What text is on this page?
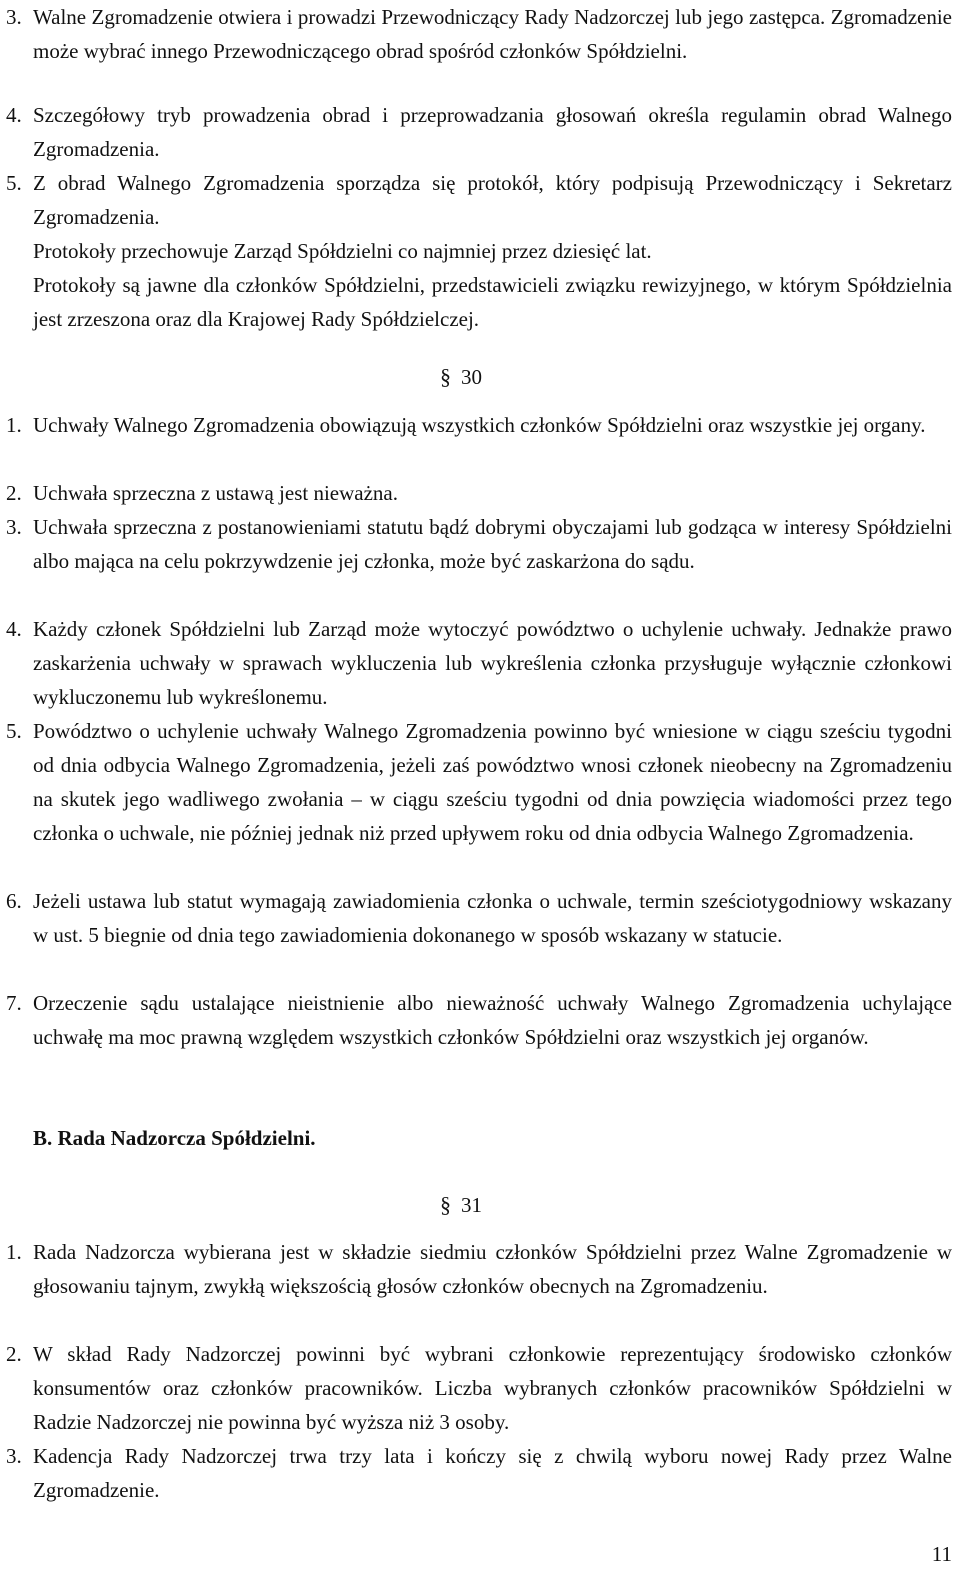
3. Walne Zgromadzenie otwiera i prowadzi Przewodniczący Rady Nadzorczej lub jego zastępca. Zgromadzenie może wybrać innego Przewodniczącego obrad spośród członków Spółdzielni.
4. Szczegółowy tryb prowadzenia obrad i przeprowadzania głosowań określa regulamin obrad Walnego Zgromadzenia.
5. Z obrad Walnego Zgromadzenia sporządza się protokół, który podpisują Przewodniczący i Sekretarz Zgromadzenia.
Protokoły przechowuje Zarząd Spółdzielni co najmniej przez dziesięć lat.
Protokoły są jawne dla członków Spółdzielni, przedstawicieli związku rewizyjnego, w którym Spółdzielnia jest zrzeszona oraz dla Krajowej Rady Spółdzielczej.
§ 30
1. Uchwały Walnego Zgromadzenia obowiązują wszystkich członków Spółdzielni oraz wszystkie jej organy.
2. Uchwała sprzeczna z ustawą jest nieważna.
3. Uchwała sprzeczna z postanowieniami statutu bądź dobrymi obyczajami lub godząca w interesy Spółdzielni albo mająca na celu pokrzywdzenie jej członka, może być zaskarżona do sądu.
4. Każdy członek Spółdzielni lub Zarząd może wytoczyć powództwo o uchylenie uchwały. Jednakże prawo zaskarżenia uchwały w sprawach wykluczenia lub wykreślenia członka przysługuje wyłącznie członkowi wykluczonemu lub wykreślonemu.
5. Powództwo o uchylenie uchwały Walnego Zgromadzenia powinno być wniesione w ciągu sześciu tygodni od dnia odbycia Walnego Zgromadzenia, jeżeli zaś powództwo wnosi członek nieobecny na Zgromadzeniu na skutek jego wadliwego zwołania – w ciągu sześciu tygodni od dnia powzięcia wiadomości przez tego członka o uchwale, nie później jednak niż przed upływem roku od dnia odbycia Walnego Zgromadzenia.
6. Jeżeli ustawa lub statut wymagają zawiadomienia członka o uchwale, termin sześciotygodniowy wskazany w ust. 5 biegnie od dnia tego zawiadomienia dokonanego w sposób wskazany w statucie.
7. Orzeczenie sądu ustalające nieistnienie albo nieważność uchwały Walnego Zgromadzenia uchylające uchwałę ma moc prawną względem wszystkich członków Spółdzielni oraz wszystkich jej organów.
B. Rada Nadzorcza Spółdzielni.
§ 31
1. Rada Nadzorcza wybierana jest w składzie siedmiu członków Spółdzielni przez Walne Zgromadzenie w głosowaniu tajnym, zwykłą większością głosów członków obecnych na Zgromadzeniu.
2. W skład Rady Nadzorczej powinni być wybrani członkowie reprezentujący środowisko członków konsumentów oraz członków pracowników. Liczba wybranych członków pracowników Spółdzielni w Radzie Nadzorczej nie powinna być wyższa niż 3 osoby.
3. Kadencja Rady Nadzorczej trwa trzy lata i kończy się z chwilą wyboru nowej Rady przez Walne Zgromadzenie.
11
